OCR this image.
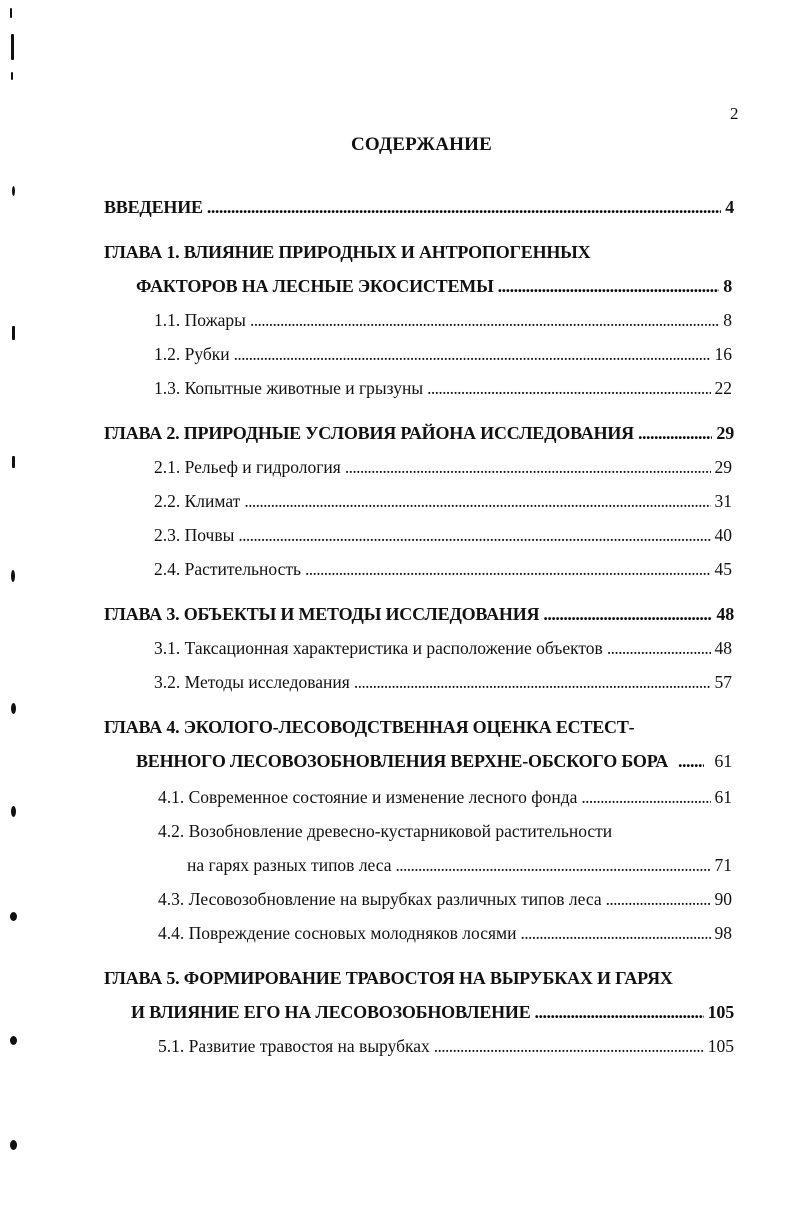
2
СОДЕРЖАНИЕ
ВВЕДЕНИЕ . . .	4
ГЛАВА 1. ВЛИЯНИЕ ПРИРОДНЫХ И АНТРОПОГЕННЫХ
ФАКТОРОВ НА ЛЕСНЫЕ ЭКОСИСТЕМЫ . . .	8
1.1. Пожары . . .	8
1.2. Рубки . . .	16
1.3. Копытные животные и грызуны . . .	22
ГЛАВА 2. ПРИРОДНЫЕ УСЛОВИЯ РАЙОНА ИССЛЕДОВАНИЯ . . .	29
2.1. Рельеф и гидрология . . .	29
2.2. Климат . . .	31
2.3. Почвы . . .	40
2.4. Растительность . . .	45
ГЛАВА 3. ОБЪЕКТЫ И МЕТОДЫ ИССЛЕДОВАНИЯ . . .	48
3.1. Таксационная характеристика и расположение объектов . . .	48
3.2. Методы исследования . . .	57
ГЛАВА 4. ЭКОЛОГО-ЛЕСОВОДСТВЕННАЯ ОЦЕНКА ЕСТЕСТ-
ВЕННОГО ЛЕСОВОЗОБНОВЛЕНИЯ ВЕРХНЕ-ОБСКОГО БОРА . . .	61
4.1. Современное состояние и изменение лесного фонда . . .	61
4.2. Возобновление древесно-кустарниковой растительности
на гарях разных типов леса . . .	71
4.3. Лесовозобновление на вырубках различных типов леса . . .	90
4.4. Повреждение сосновых молодняков лосями . . .	98
ГЛАВА 5. ФОРМИРОВАНИЕ ТРАВОСТОЯ НА ВЫРУБКАХ И ГАРЯХ
И ВЛИЯНИЕ ЕГО НА ЛЕСОВОЗОБНОВЛЕНИЕ . . .	105
5.1. Развитие травостоя на вырубках . . .	105
